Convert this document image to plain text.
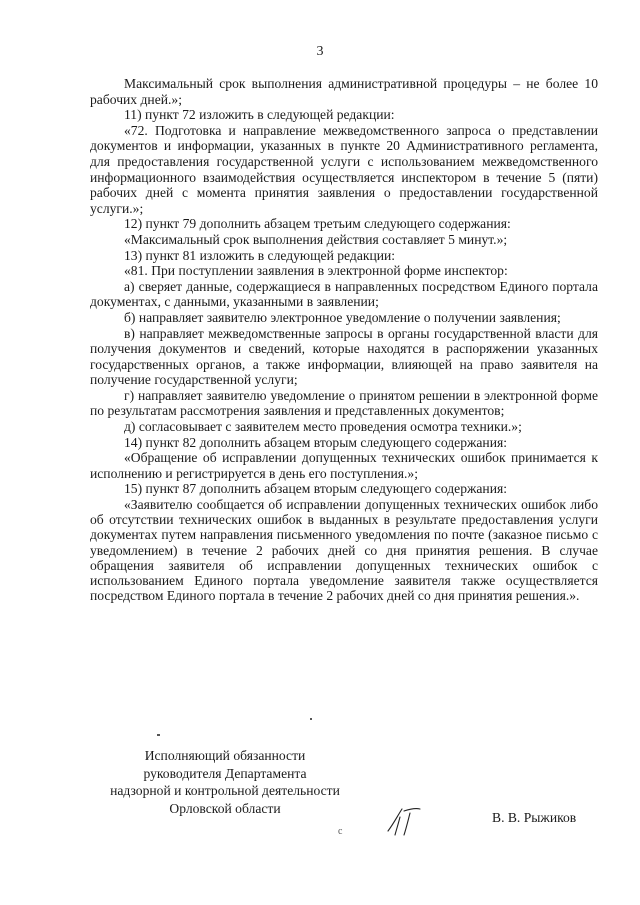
3

Максимальный срок выполнения административной процедуры – не более 10 рабочих дней.»;

11) пункт 72 изложить в следующей редакции:

«72. Подготовка и направление межведомственного запроса о представлении документов и информации, указанных в пункте 20 Административного регламента, для предоставления государственной услуги с использованием межведомственного информационного взаимодействия осуществляется инспектором в течение 5 (пяти) рабочих дней с момента принятия заявления о предоставлении государственной услуги.»;

12) пункт 79 дополнить абзацем третьим следующего содержания:

«Максимальный срок выполнения действия составляет 5 минут.»;

13) пункт 81 изложить в следующей редакции:

«81. При поступлении заявления в электронной форме инспектор:

а) сверяет данные, содержащиеся в направленных посредством Единого портала документах, с данными, указанными в заявлении;

б) направляет заявителю электронное уведомление о получении заявления;

в) направляет межведомственные запросы в органы государственной власти для получения документов и сведений, которые находятся в распоряжении указанных государственных органов, а также информации, влияющей на право заявителя на получение государственной услуги;

г) направляет заявителю уведомление о принятом решении в электронной форме по результатам рассмотрения заявления и представленных документов;

д) согласовывает с заявителем место проведения осмотра техники.»;

14) пункт 82 дополнить абзацем вторым следующего содержания:

«Обращение об исправлении допущенных технических ошибок принимается к исполнению и регистрируется в день его поступления.»;

15) пункт 87 дополнить абзацем вторым следующего содержания:

«Заявителю сообщается об исправлении допущенных технических ошибок либо об отсутствии технических ошибок в выданных в результате предоставления услуги документах путем направления письменного уведомления по почте (заказное письмо с уведомлением) в течение 2 рабочих дней со дня принятия решения. В случае обращения заявителя об исправлении допущенных технических ошибок с использованием Единого портала уведомление заявителя также осуществляется посредством Единого портала в течение 2 рабочих дней со дня принятия решения.».

Исполняющий обязанности
руководителя Департамента
надзорной и контрольной деятельности
Орловской области
c
В. В. Рыжиков
